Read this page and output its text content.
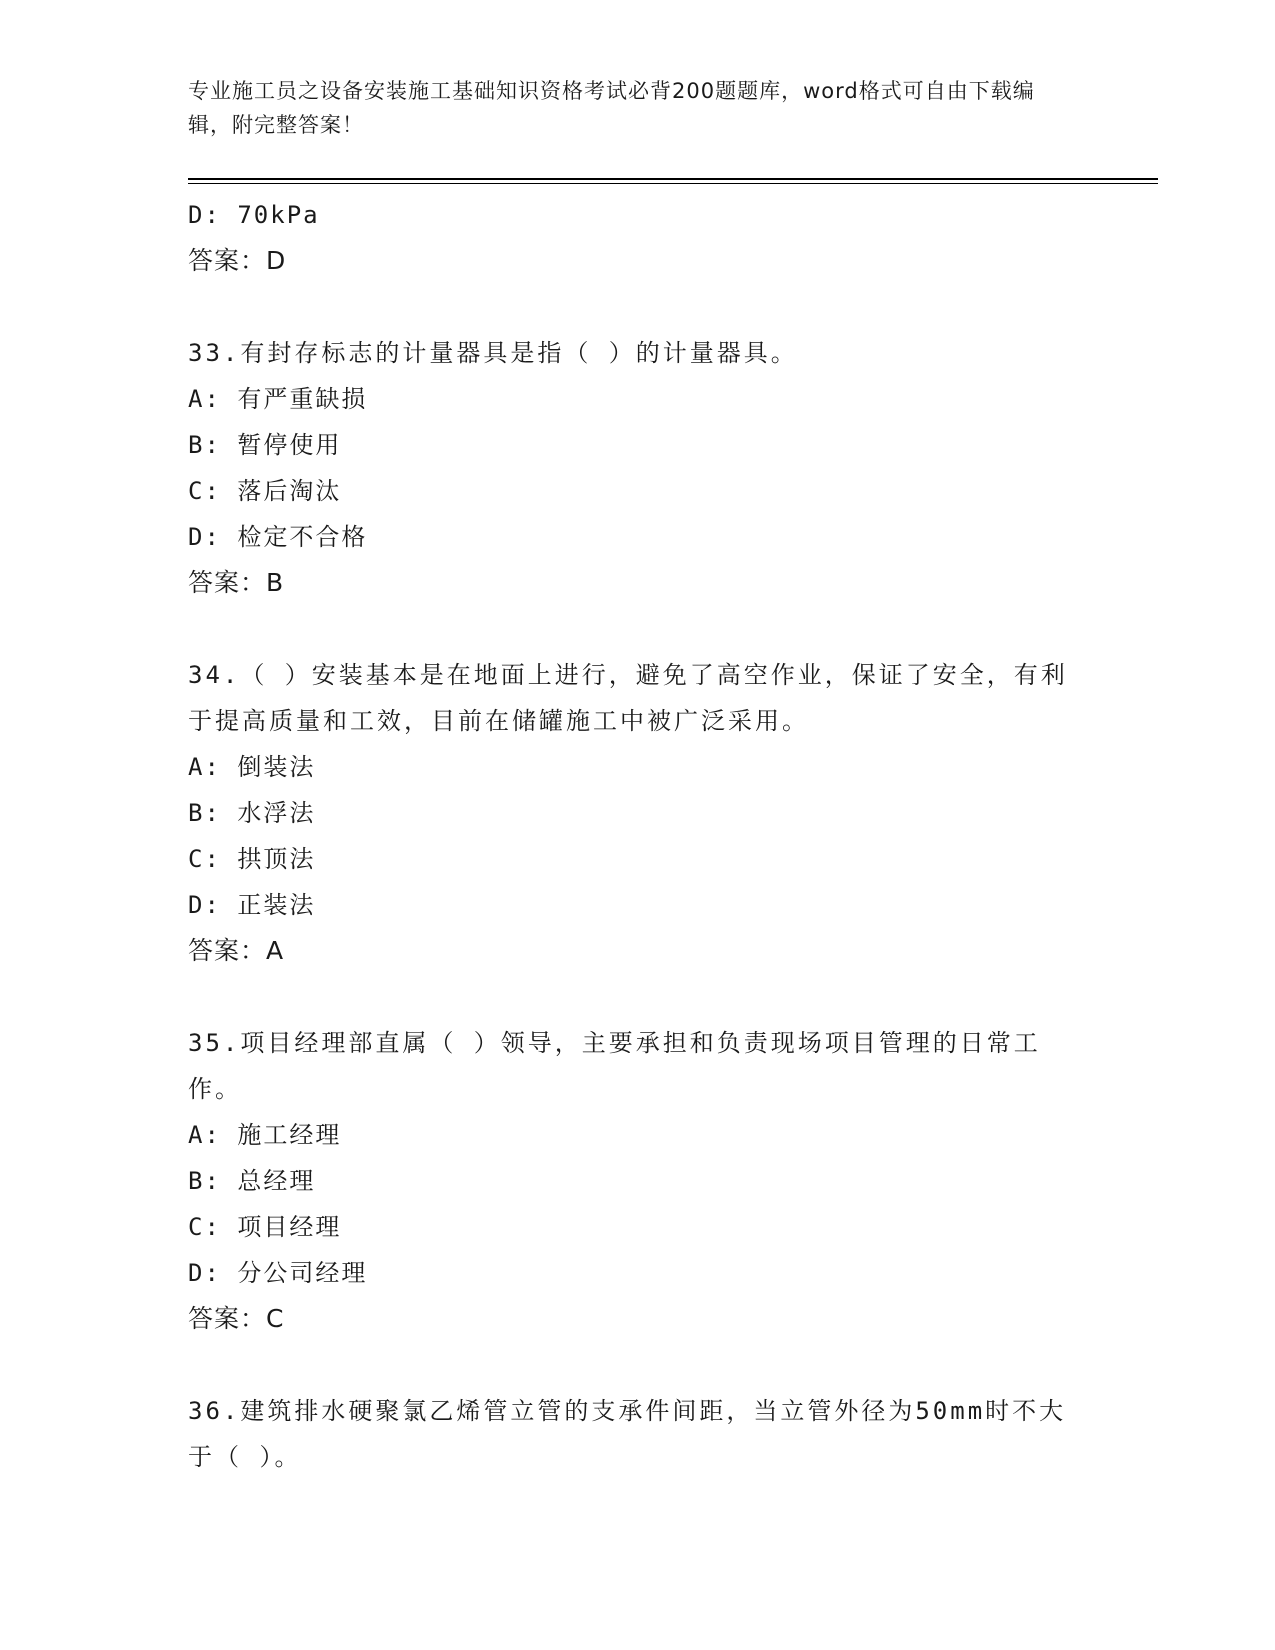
专业施工员之设备安装施工基础知识资格考试必背200题题库，word格式可自由下载编辑，附完整答案！
D: 70kPa
答案：D
33.有封存标志的计量器具是指（ ）的计量器具。
A: 有严重缺损
B: 暂停使用
C: 落后淘汰
D: 检定不合格
答案：B
34.（ ）安装基本是在地面上进行，避免了高空作业，保证了安全，有利于提高质量和工效，目前在储罐施工中被广泛采用。
A: 倒装法
B: 水浮法
C: 拱顶法
D: 正装法
答案：A
35.项目经理部直属（ ）领导，主要承担和负责现场项目管理的日常工作。
A: 施工经理
B: 总经理
C: 项目经理
D: 分公司经理
答案：C
36.建筑排水硬聚氯乙烯管立管的支承件间距，当立管外径为50mm时不大于（ ）。
